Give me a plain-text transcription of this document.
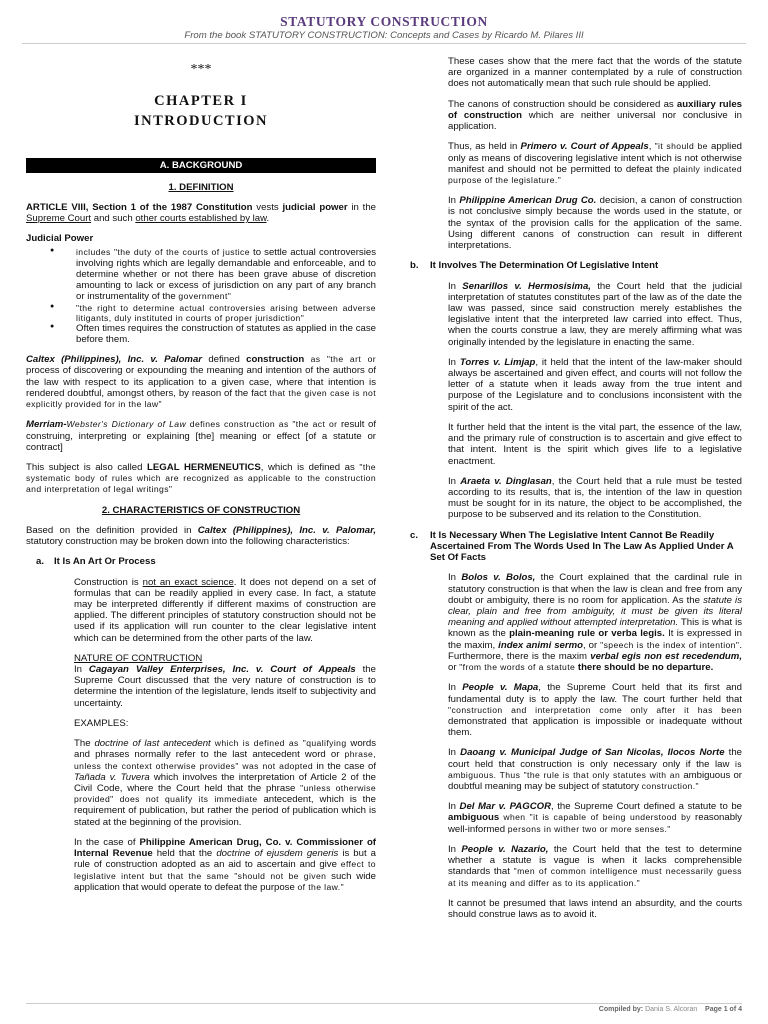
STATUTORY CONSTRUCTION
From the book STATUTORY CONSTRUCTION: Concepts and Cases by Ricardo M. Pilares III
***
CHAPTER I
INTRODUCTION
A. BACKGROUND
1. DEFINITION

ARTICLE VIII, Section 1 of the 1987 Constitution vests judicial power in the Supreme Court and such other courts established by law.

Judicial Power
● includes "the duty of the courts of justice to settle actual controversies involving rights which are legally demandable and enforceable, and to determine whether or not there has been grave abuse of discretion amounting to lack or excess of jurisdiction on any part of any branch or instrumentality of the government"
● "the right to determine actual controversies arising between adverse litigants, duly instituted in courts of proper jurisdiction"
● Often times requires the construction of statutes as applied in the case before them.

Caltex (Philippines), Inc. v. Palomar defined construction as "the art or process of discovering or expounding the meaning and intention of the authors of the law with respect to its application to a given case, where that intention is rendered doubtful, amongst others, by reason of the fact that the given case is not explicitly provided for in the law"

Merriam-Webster's Dictionary of Law defines construction as "the act or result of construing, interpreting or explaining [the] meaning or effect [of a statute or contract]

This subject is also called LEGAL HERMENEUTICS, which is defined as "the systematic body of rules which are recognized as applicable to the construction and interpretation of legal writings"

2. CHARACTERISTICS OF CONSTRUCTION

Based on the definition provided in Caltex (Philippines), Inc. v. Palomar, statutory construction may be broken down into the following characteristics:

a. It Is An Art Or Process

Construction is not an exact science. It does not depend on a set of formulas that can be readily applied in every case. In fact, a statute may be interpreted differently if different maxims of construction are applied. The different principles of statutory construction should not be used if its application will run counter to the clear legislative intent which can be determined from the other parts of the law.

NATURE OF CONTRUCTION

In Cagayan Valley Enterprises, Inc. v. Court of Appeals the Supreme Court discussed that the very nature of construction is to determine the intention of the legislature, lends itself to subjectivity and uncertainty.

EXAMPLES:

The doctrine of last antecedent which is defined as "qualifying words and phrases normally refer to the last antecedent word or phrase, unless the context otherwise provides" was not adopted in the case of Tañada v. Tuvera which involves the interpretation of Article 2 of the Civil Code, where the Court held that the phrase "unless otherwise provided" does not qualify its immediate antecedent, which is the requirement of publication, but rather the period of publication which is stated at the beginning of the provision.

In the case of Philippine American Drug, Co. v. Commissioner of Internal Revenue held that the doctrine of ejusdem generis is but a rule of construction adopted as an aid to ascertain and give effect to legislative intent but that the same "should not be given such wide application that would operate to defeat the purpose of the law."

These cases show that the mere fact that the words of the statute are organized in a manner contemplated by a rule of construction does not automatically mean that such rule should be applied.

The canons of construction should be considered as auxiliary rules of construction which are neither universal nor conclusive in application.

Thus, as held in Primero v. Court of Appeals, "it should be applied only as means of discovering legislative intent which is not otherwise manifest and should not be permitted to defeat the plainly indicated purpose of the legislature."

In Philippine American Drug Co. decision, a canon of construction is not conclusive simply because the words used in the statute, or the syntax of the provision calls for the application of the same. Using different canons of construction can result in different interpretations.

b. It Involves The Determination Of Legislative Intent

In Senarillos v. Hermosisima, the Court held that the judicial interpretation of statutes constitutes part of the law as of the date the law was passed, since said construction merely establishes the legislative intent that the interpreted law carried into effect. Thus, when the courts construe a law, they are merely affirming what was originally intended by the legislature in enacting the same.

In Torres v. Limjap, it held that the intent of the law-maker should always be ascertained and given effect, and courts will not follow the letter of a statute when it leads away from the true intent and purpose of the Legislature and to conclusions inconsistent with the spirit of the act.

It further held that the intent is the vital part, the essence of the law, and the primary rule of construction is to ascertain and give effect to that intent. Intent is the spirit which gives life to a legislative enactment.

In Araeta v. Dinglasan, the Court held that a rule must be tested according to its results, that is, the intention of the law in question must be sought for in its nature, the object to be accomplished, the purpose to be subserved and its relation to the Constitution.

c. It Is Necessary When The Legislative Intent Cannot Be Readily Ascertained From The Words Used In The Law As Applied Under A Set Of Facts

In Bolos v. Bolos, the Court explained that the cardinal rule in statutory construction is that when the law is clean and free from any doubt or ambiguity, there is no room for application. As the statute is clear, plain and free from ambiguity, it must be given its literal meaning and applied without attempted interpretation. This is what is known as the plain-meaning rule or verba legis. It is expressed in the maxim, index animi sermo, or "speech is the index of intention". Furthermore, there is the maxim verbal egis non est recedendum, or "from the words of a statute there should be no departure.

In People v. Mapa, the Supreme Court held that its first and fundamental duty is to apply the law. The court further held that "construction and interpretation come only after it has been demonstrated that application is impossible or inadequate without them.

In Daoang v. Municipal Judge of San Nicolas, Ilocos Norte the court held that construction is only necessary only if the law is ambiguous. Thus "the rule is that only statutes with an ambiguous or doubtful meaning may be subject of statutory construction."

In Del Mar v. PAGCOR, the Supreme Court defined a statute to be ambiguous when "it is capable of being understood by reasonably well-informed persons in wither two or more senses."

In People v. Nazario, the Court held that the test to determine whether a statute is vague is when it lacks comprehensible standards that "men of common intelligence must necessarily guess at its meaning and differ as to its application."

It cannot be presumed that laws intend an absurdity, and the courts should construe laws as to avoid it.

Compiled by: Dania S. Alcoran Page 1 of 4
